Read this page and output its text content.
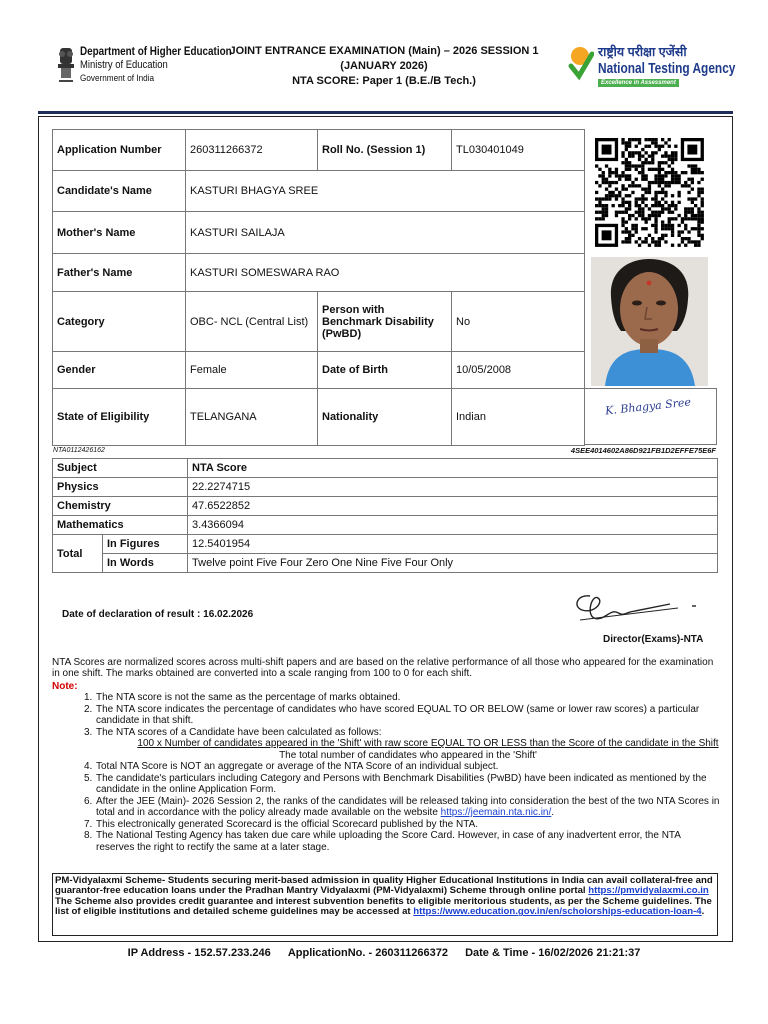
Department of Higher Education
Ministry of Education
Government of India
JOINT ENTRANCE EXAMINATION (Main) – 2026 SESSION 1
(JANUARY 2026)
NTA SCORE: Paper 1 (B.E./B Tech.)
राष्ट्रीय परीक्षा एजेंसी
National Testing Agency
Excellence in Assessment
Application Number	260311266372	Roll No. (Session 1)	TL030401049
Candidate's Name	KASTURI BHAGYA SREE		
Mother's Name	KASTURI SAILAJA		
Father's Name	KASTURI SOMESWARA RAO		
Category	OBC- NCL (Central List)	Person with Benchmark Disability (PwBD)	No
Gender	Female	Date of Birth	10/05/2008
State of Eligibility	TELANGANA	Nationality	Indian	K. Bhagya Sree
NTA0112426162	4SEE4014602A86D921FB1D2EFFE75E6F
Subject		NTA Score
Physics		22.2274715
Chemistry		47.6522852
Mathematics		3.4366094
Total	In Figures	12.5401954
	In Words	Twelve point Five Four Zero One Nine Five Four Only
Date of declaration of result : 16.02.2026
Director(Exams)-NTA
NTA Scores are normalized scores across multi-shift papers and are based on the relative performance of all those who appeared for the examination in one shift. The marks obtained are converted into a scale ranging from 100 to 0 for each shift.
Note:
1. The NTA score is not the same as the percentage of marks obtained.
2. The NTA score indicates the percentage of candidates who have scored EQUAL TO OR BELOW (same or lower raw scores) a particular candidate in that shift.
3. The NTA scores of a Candidate have been calculated as follows:
100 x Number of candidates appeared in the 'Shift' with raw score EQUAL TO OR LESS than the Score of the candidate in the Shift
The total number of candidates who appeared in the 'Shift'
4. Total NTA Score is NOT an aggregate or average of the NTA Score of an individual subject.
5. The candidate's particulars including Category and Persons with Benchmark Disabilities (PwBD) have been indicated as mentioned by the candidate in the online Application Form.
6. After the JEE (Main)- 2026 Session 2, the ranks of the candidates will be released taking into consideration the best of the two NTA Scores in total and in accordance with the policy already made available on the website https://jeemain.nta.nic.in/.
7. This electronically generated Scorecard is the official Scorecard published by the NTA.
8. The National Testing Agency has taken due care while uploading the Score Card. However, in case of any inadvertent error, the NTA reserves the right to rectify the same at a later stage.
PM-Vidyalaxmi Scheme- Students securing merit-based admission in quality Higher Educational Institutions in India can avail collateral-free and guarantor-free education loans under the Pradhan Mantry Vidyalaxmi (PM-Vidyalaxmi) Scheme through online portal https://pmvidyalaxmi.co.in The Scheme also provides credit guarantee and interest subvention benefits to eligible meritorious students, as per the Scheme guidelines. The list of eligible institutions and detailed scheme guidelines may be accessed at https://www.education.gov.in/en/scholorships-education-loan-4.
IP Address - 152.57.233.246 ApplicationNo. - 260311266372 Date & Time - 16/02/2026 21:21:37
